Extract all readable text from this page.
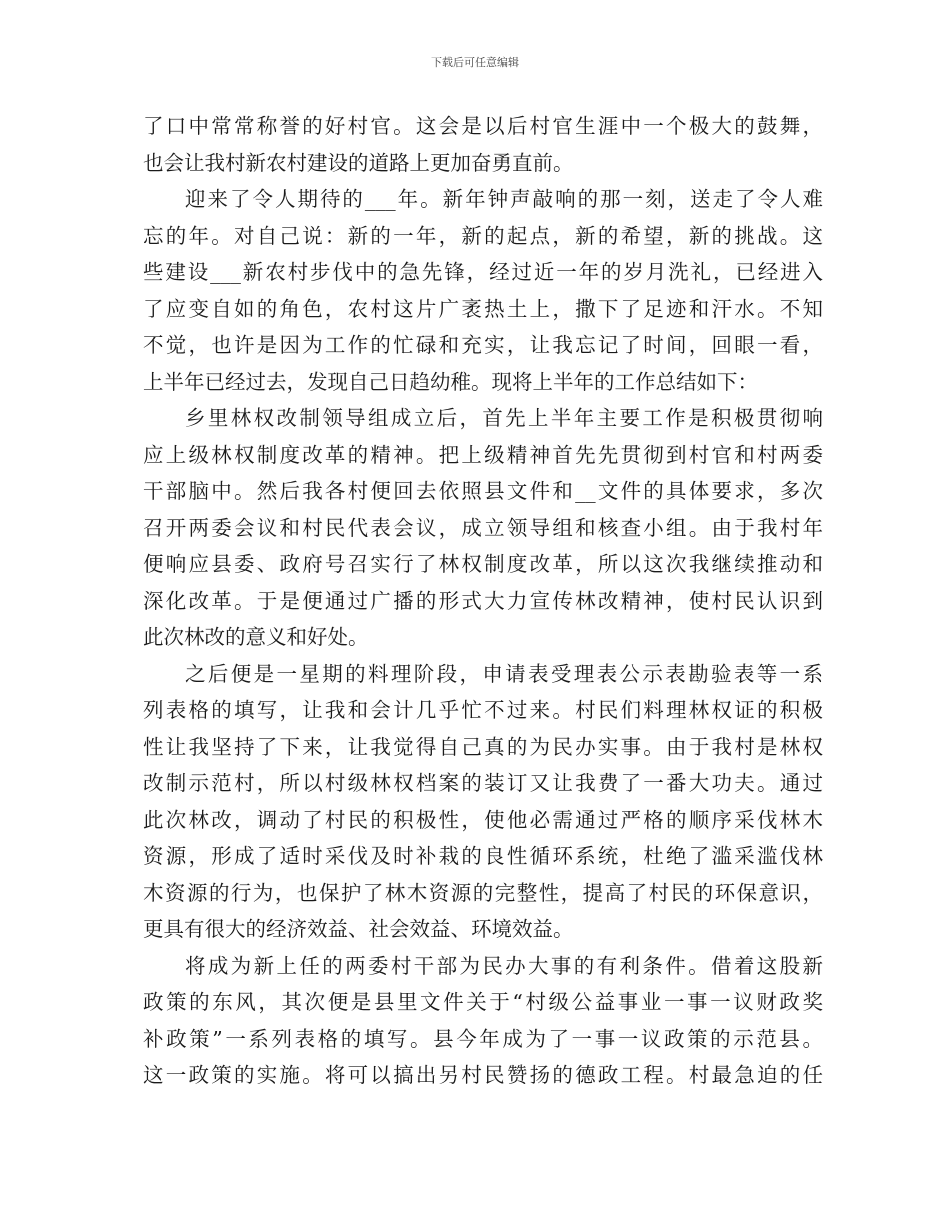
下载后可任意编辑
了口中常常称誉的好村官。这会是以后村官生涯中一个极大的鼓舞，
也会让我村新农村建设的道路上更加奋勇直前。
迎来了令人期待的___年。新年钟声敲响的那一刻，送走了令人难
忘的年。对自己说：新的一年，新的起点，新的希望，新的挑战。这
些建设___新农村步伐中的急先锋，经过近一年的岁月洗礼，已经进入
了应变自如的角色，农村这片广袤热土上，撒下了足迹和汗水。不知
不觉，也许是因为工作的忙碌和充实，让我忘记了时间，回眼一看，
上半年已经过去，发现自己日趋幼稚。现将上半年的工作总结如下：
乡里林权改制领导组成立后，首先上半年主要工作是积极贯彻响
应上级林权制度改革的精神。把上级精神首先先贯彻到村官和村两委
干部脑中。然后我各村便回去依照县文件和__文件的具体要求，多次
召开两委会议和村民代表会议，成立领导组和核查小组。由于我村年
便响应县委、政府号召实行了林权制度改革，所以这次我继续推动和
深化改革。于是便通过广播的形式大力宣传林改精神，使村民认识到
此次林改的意义和好处。
之后便是一星期的料理阶段，申请表受理表公示表勘验表等一系
列表格的填写，让我和会计几乎忙不过来。村民们料理林权证的积极
性让我坚持了下来，让我觉得自己真的为民办实事。由于我村是林权
改制示范村，所以村级林权档案的装订又让我费了一番大功夫。通过
此次林改，调动了村民的积极性，使他必需通过严格的顺序采伐林木
资源，形成了适时采伐及时补栽的良性循环系统，杜绝了滥采滥伐林
木资源的行为，也保护了林木资源的完整性，提高了村民的环保意识，
更具有很大的经济效益、社会效益、环境效益。
将成为新上任的两委村干部为民办大事的有利条件。借着这股新
政策的东风，其次便是县里文件关于“村级公益事业一事一议财政奖
补政策”一系列表格的填写。县今年成为了一事一议政策的示范县。
这一政策的实施。将可以搞出另村民赞扬的德政工程。村最急迫的任
